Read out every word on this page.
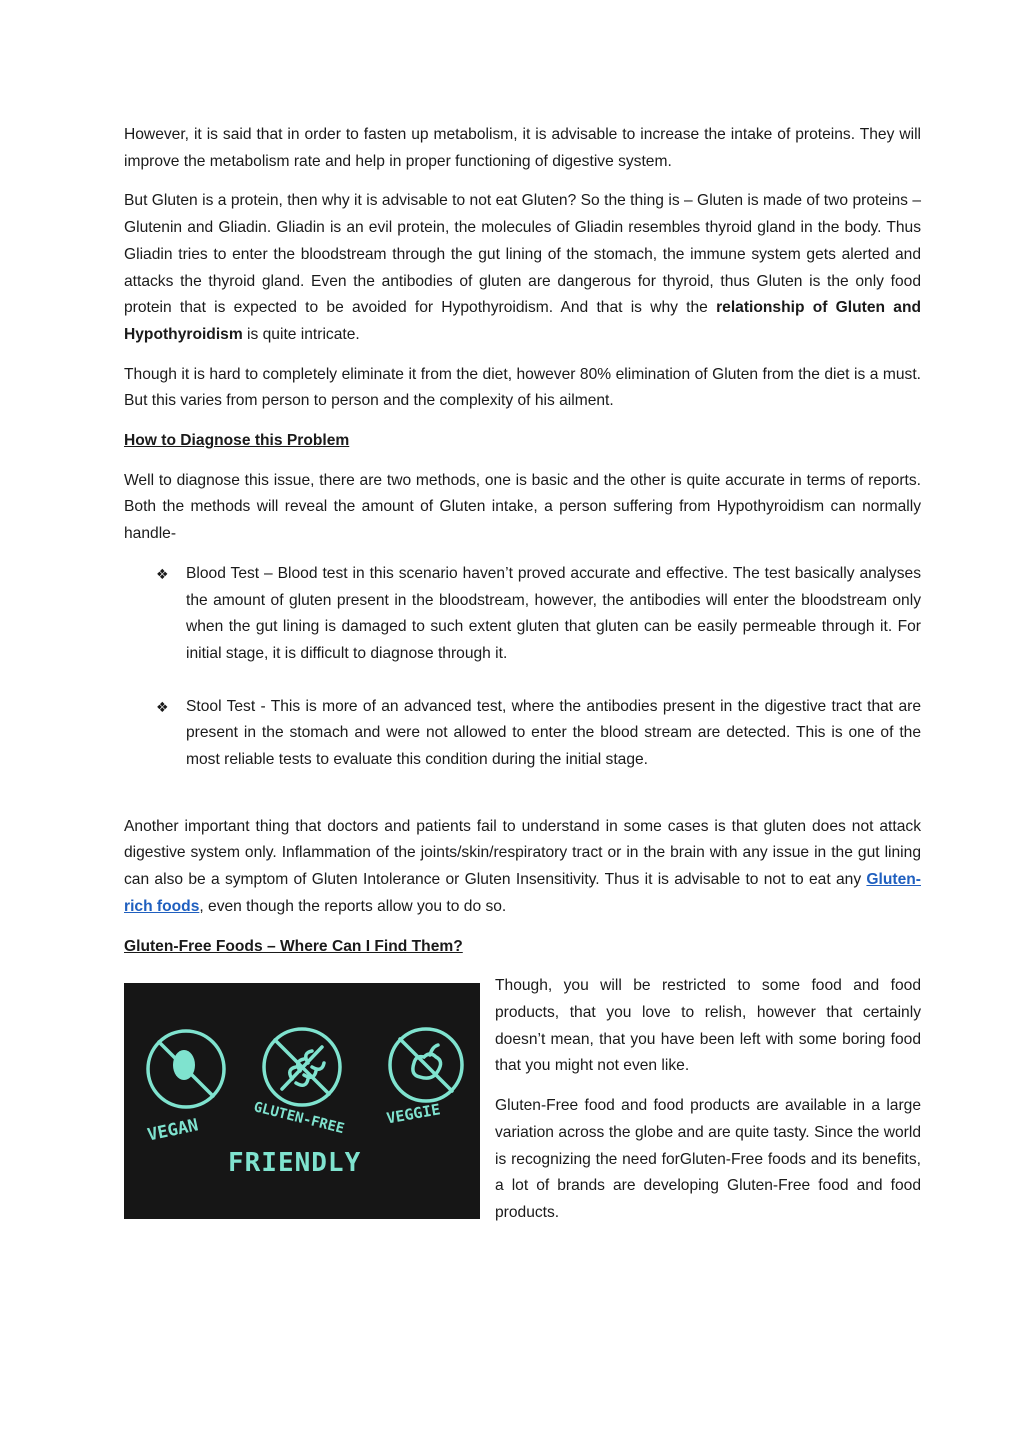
However, it is said that in order to fasten up metabolism, it is advisable to increase the intake of proteins. They will improve the metabolism rate and help in proper functioning of digestive system.

But Gluten is a protein, then why it is advisable to not eat Gluten? So the thing is – Gluten is made of two proteins – Glutenin and Gliadin. Gliadin is an evil protein, the molecules of Gliadin resembles thyroid gland in the body. Thus Gliadin tries to enter the bloodstream through the gut lining of the stomach, the immune system gets alerted and attacks the thyroid gland. Even the antibodies of gluten are dangerous for thyroid, thus Gluten is the only food protein that is expected to be avoided for Hypothyroidism. And that is why the relationship of Gluten and Hypothyroidism is quite intricate.

Though it is hard to completely eliminate it from the diet, however 80% elimination of Gluten from the diet is a must. But this varies from person to person and the complexity of his ailment.

How to Diagnose this Problem

Well to diagnose this issue, there are two methods, one is basic and the other is quite accurate in terms of reports. Both the methods will reveal the amount of Gluten intake, a person suffering from Hypothyroidism can normally handle-

❖	Blood Test – Blood test in this scenario haven’t proved accurate and effective. The test basically analyses the amount of gluten present in the bloodstream, however, the antibodies will enter the bloodstream only when the gut lining is damaged to such extent gluten that gluten can be easily permeable through it. For initial stage, it is difficult to diagnose through it.
❖	Stool Test - This is more of an advanced test, where the antibodies present in the digestive tract that are present in the stomach and were not allowed to enter the blood stream are detected. This is one of the most reliable tests to evaluate this condition during the initial stage.

Another important thing that doctors and patients fail to understand in some cases is that gluten does not attack digestive system only. Inflammation of the joints/skin/respiratory tract or in the brain with any issue in the gut lining can also be a symptom of Gluten Intolerance or Gluten Insensitivity. Thus it is advisable to not to eat any Gluten-rich foods, even though the reports allow you to do so.

Gluten-Free Foods – Where Can I Find Them?

VEGAN	GLUTEN-FREE	VEGGIE
FRIENDLY

Though, you will be restricted to some food and food products, that you love to relish, however that certainly doesn’t mean, that you have been left with some boring food that you might not even like.

Gluten-Free food and food products are available in a large variation across the globe and are quite tasty. Since the world is recognizing the need forGluten-Free foods and its benefits, a lot of brands are developing Gluten-Free food and food products.
